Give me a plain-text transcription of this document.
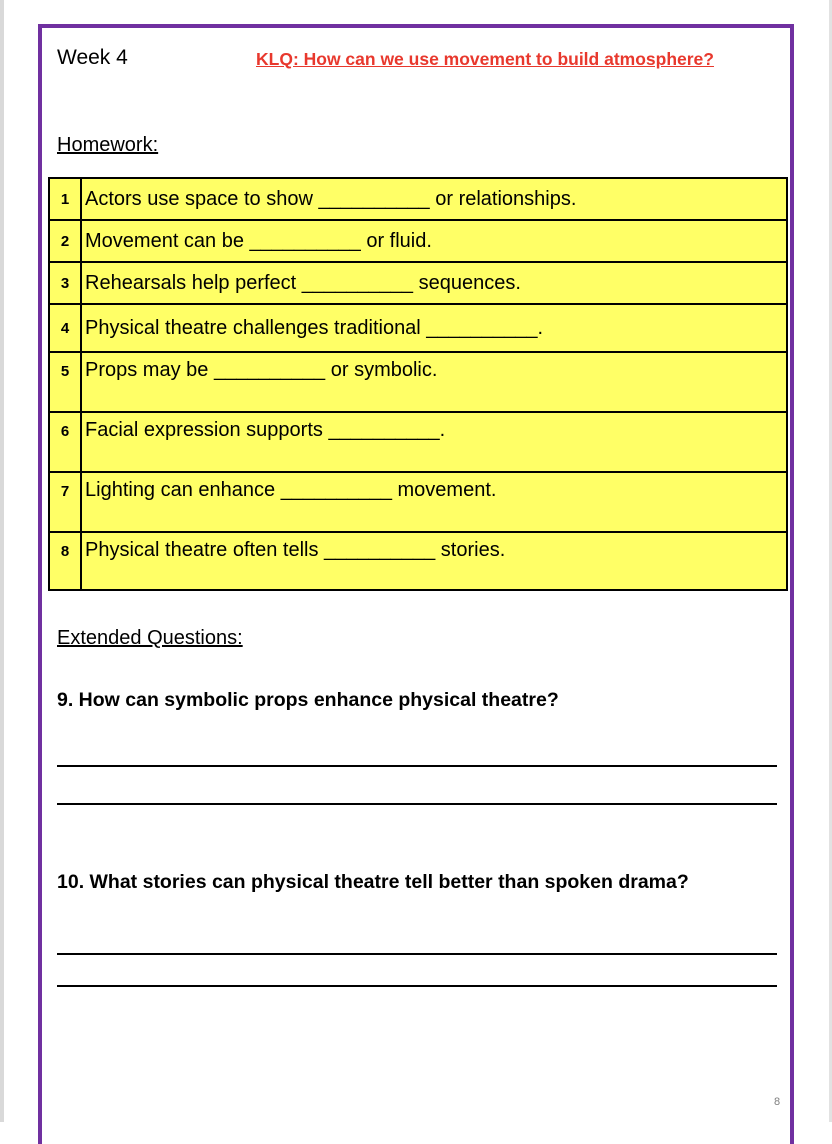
Week 4	KLQ: How can we use movement to build atmosphere?
Homework:
1	Actors use space to show __________ or relationships.
2	Movement can be __________ or fluid.
3	Rehearsals help perfect __________ sequences.
4	Physical theatre challenges traditional __________.
5	Props may be __________ or symbolic.
6	Facial expression supports __________.
7	Lighting can enhance __________ movement.
8	Physical theatre often tells __________ stories.
Extended Questions:
9. How can symbolic props enhance physical theatre?
10. What stories can physical theatre tell better than spoken drama?
8
